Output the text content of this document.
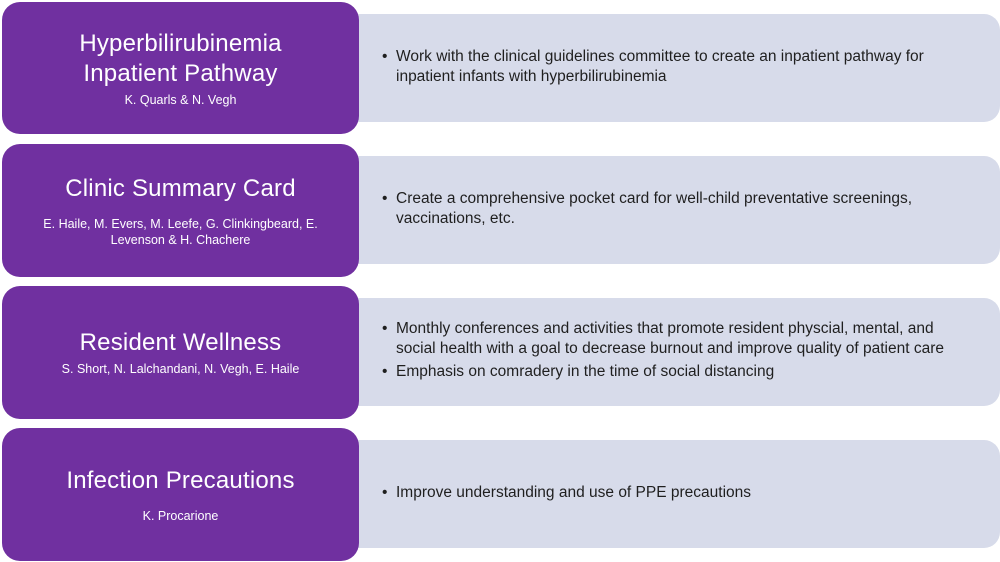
• Work with the clinical guidelines committee to create an inpatient pathway for inpatient infants with hyperbilirubinemia
Hyperbilirubinemia Inpatient Pathway
K. Quarls & N. Vegh
• Create a comprehensive pocket card for well-child preventative screenings, vaccinations, etc.
Clinic Summary Card
E. Haile, M. Evers, M. Leefe, G. Clinkingbeard, E. Levenson & H. Chachere
• Monthly conferences and activities that promote resident physcial, mental, and social health with a goal to decrease burnout and improve quality of patient care
• Emphasis on comradery in the time of social distancing
Resident Wellness
S. Short, N. Lalchandani, N. Vegh, E. Haile
• Improve understanding and use of PPE precautions
Infection Precautions
K. Procarione
